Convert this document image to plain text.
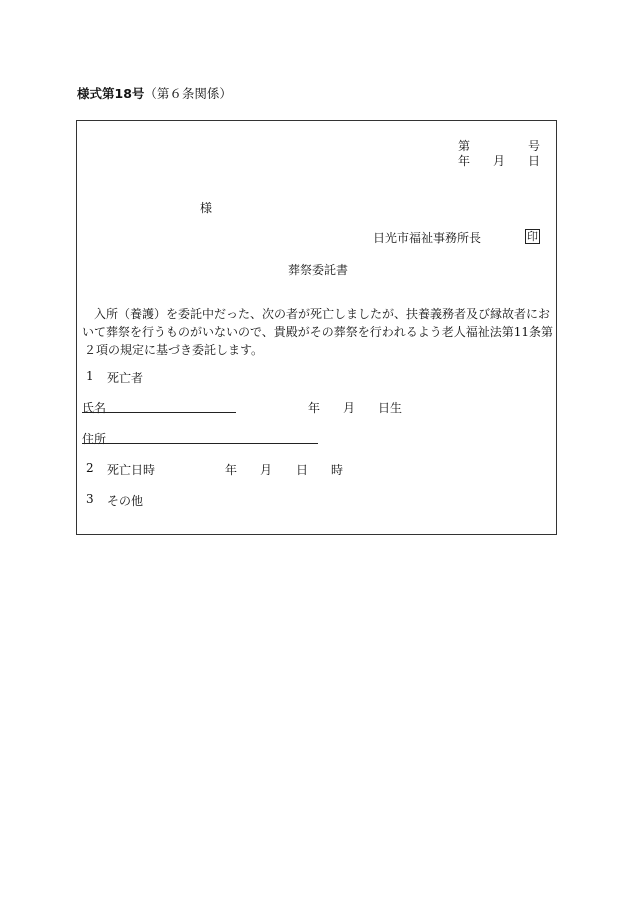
様式第18号（第６条関係）
第	号
年 月 日
様
日光市福祉事務所長	印
葬祭委託書
入所（養護）を委託中だった、次の者が死亡しましたが、扶養義務者及び縁故者にお
いて葬祭を行うものがいないので、貴殿がその葬祭を行われるよう老人福祉法第11条第
２項の規定に基づき委託します。
1 死亡者
氏名	年 月 日生
住所
2 死亡日時	年 月 日 時
3 その他
